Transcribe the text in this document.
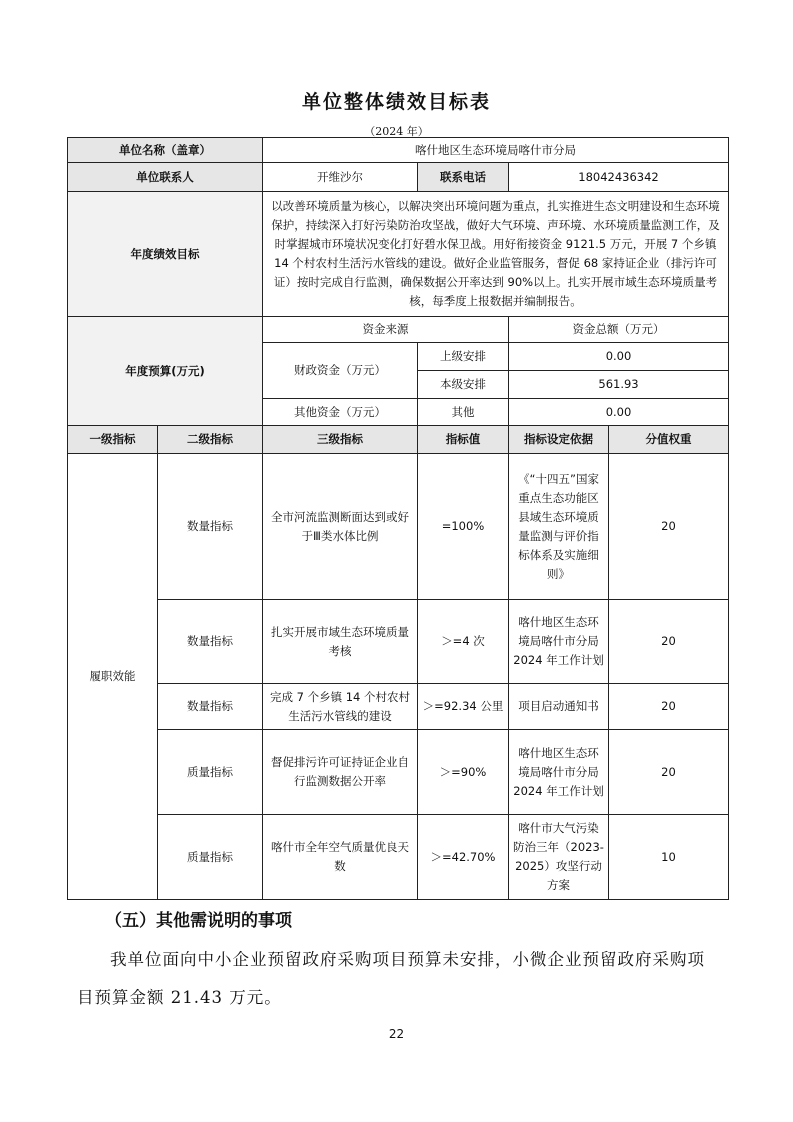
单位整体绩效目标表
（2024 年）
单位名称（盖章）		喀什地区生态环境局喀什市分局			
单位联系人		开维沙尔	联系电话	18042436342	
年度绩效目标		以改善环境质量为核心，以解决突出环境问题为重点，扎实推进生态文明建设和生态环境保护，持续深入打好污染防治攻坚战，做好大气环境、声环境、水环境质量监测工作，及时掌握城市环境状况变化打好碧水保卫战。用好衔接资金 9121.5 万元，开展 7 个乡镇 14 个村农村生活污水管线的建设。做好企业监管服务，督促 68 家持证企业（排污许可证）按时完成自行监测，确保数据公开率达到 90%以上。扎实开展市域生态环境质量考核，每季度上报数据并编制报告。			
年度预算(万元)		资金来源		资金总额（万元）	
		财政资金（万元）	上级安排	0.00	
			本级安排	561.93	
		其他资金（万元）	其他	0.00	
一级指标	二级指标	三级指标	指标值	指标设定依据	分值权重
履职效能	数量指标	全市河流监测断面达到或好于Ⅲ类水体比例	=100%	《“十四五”国家重点生态功能区县域生态环境质量监测与评价指标体系及实施细则》	20
	数量指标	扎实开展市域生态环境质量考核	＞=4 次	喀什地区生态环境局喀什市分局 2024 年工作计划	20
	数量指标	完成 7 个乡镇 14 个村农村生活污水管线的建设	＞=92.34 公里	项目启动通知书	20
	质量指标	督促排污许可证持证企业自行监测数据公开率	＞=90%	喀什地区生态环境局喀什市分局 2024 年工作计划	20
	质量指标	喀什市全年空气质量优良天数	＞=42.70%	喀什市大气污染防治三年（2023-2025）攻坚行动方案	10
（五）其他需说明的事项
我单位面向中小企业预留政府采购项目预算未安排，小微企业预留政府采购项目预算金额 21.43 万元。
22
